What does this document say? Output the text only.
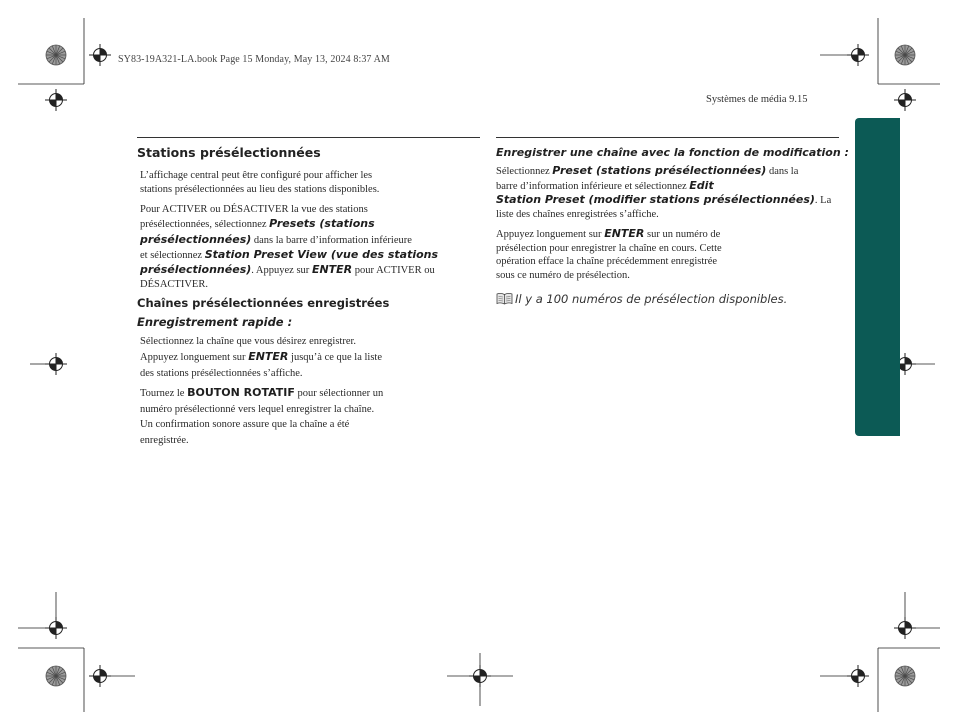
SY83-19A321-LA.book Page 15 Monday, May 13, 2024 8:37 AM
Systèmes de média 9.15
Stations présélectionnées

L’affichage central peut être configuré pour afficher les
stations présélectionnées au lieu des stations disponibles.

Pour ACTIVER ou DÉSACTIVER la vue des stations
présélectionnées, sélectionnez Presets (stations
présélectionnées) dans la barre d’information inférieure
et sélectionnez Station Preset View (vue des stations
présélectionnées). Appuyez sur ENTER pour ACTIVER ou
DÉSACTIVER.

Chaînes présélectionnées enregistrées
Enregistrement rapide :

Sélectionnez la chaîne que vous désirez enregistrer.
Appuyez longuement sur ENTER jusqu’à ce que la liste
des stations présélectionnées s’affiche.

Tournez le BOUTON ROTATIF pour sélectionner un
numéro présélectionné vers lequel enregistrer la chaîne.
Un confirmation sonore assure que la chaîne a été
enregistrée.

Enregistrer une chaîne avec la fonction de modification :

Sélectionnez Preset (stations présélectionnées) dans la
barre d’information inférieure et sélectionnez Edit
Station Preset (modifier stations présélectionnées). La
liste des chaînes enregistrées s’affiche.

Appuyez longuement sur ENTER sur un numéro de
présélection pour enregistrer la chaîne en cours. Cette
opération efface la chaîne précédemment enregistrée
sous ce numéro de présélection.

Il y a 100 numéros de présélection disponibles.
